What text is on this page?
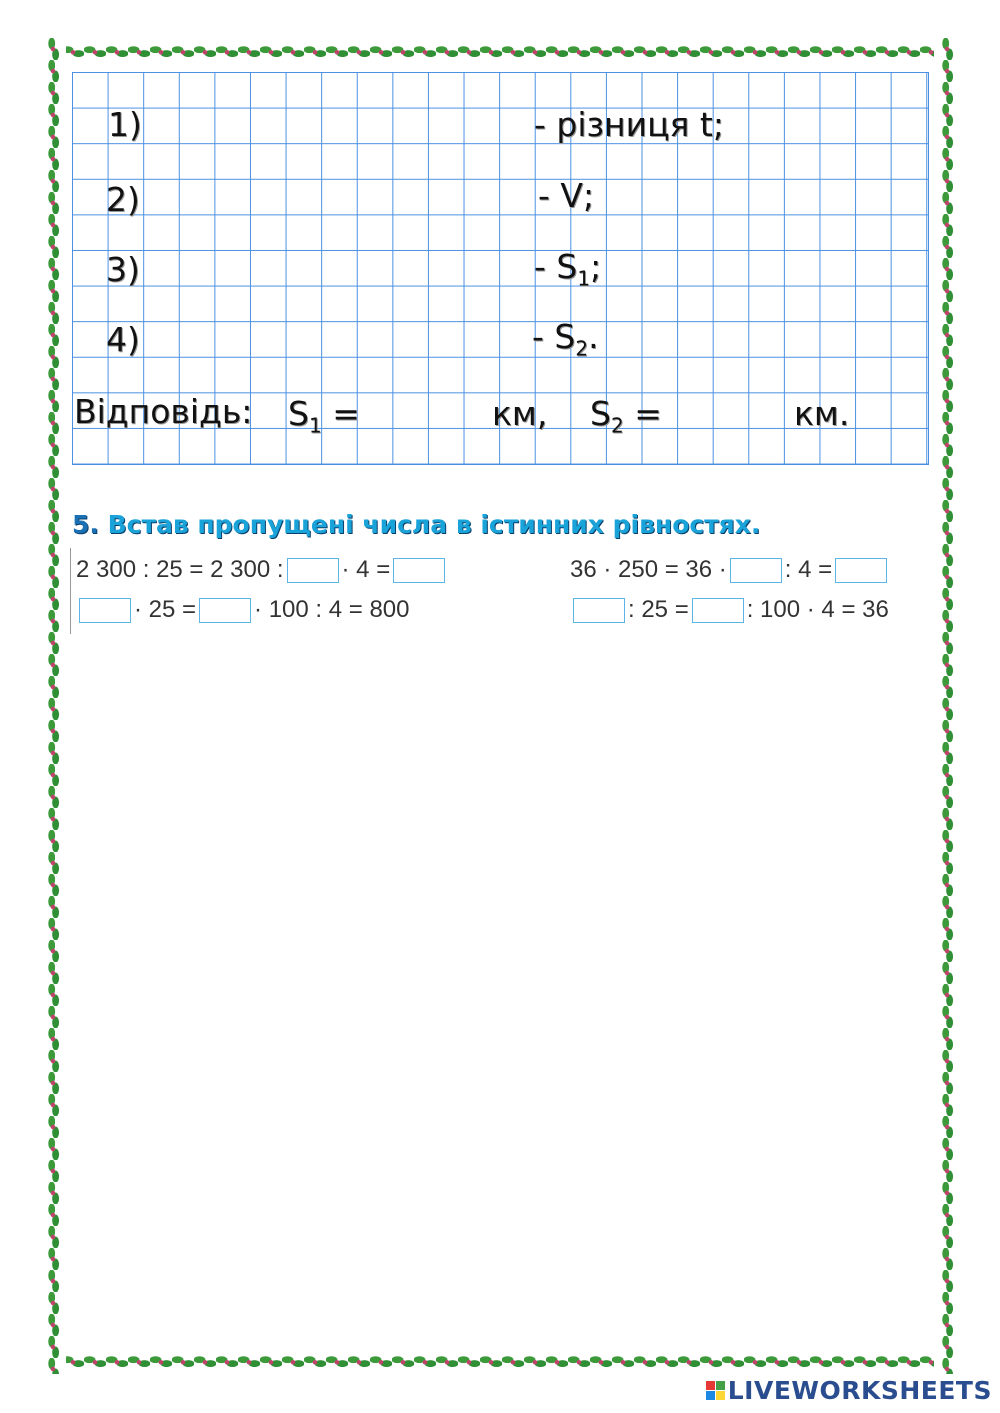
1)	- різниця t;
2)	- V;
3)	- $S_1$;
4)	- $S_2$.
Відповідь: $S_1$ =	км, $S_2$ =	км.
5. Встав пропущені числа в істинних рівностях.
2 300 : 25 = 2 300 : · 4 =
· 25 = · 100 : 4 = 800
36 · 250 = 36 · : 4 =
: 25 = : 100 · 4 = 36
LIVEWORKSHEETS
